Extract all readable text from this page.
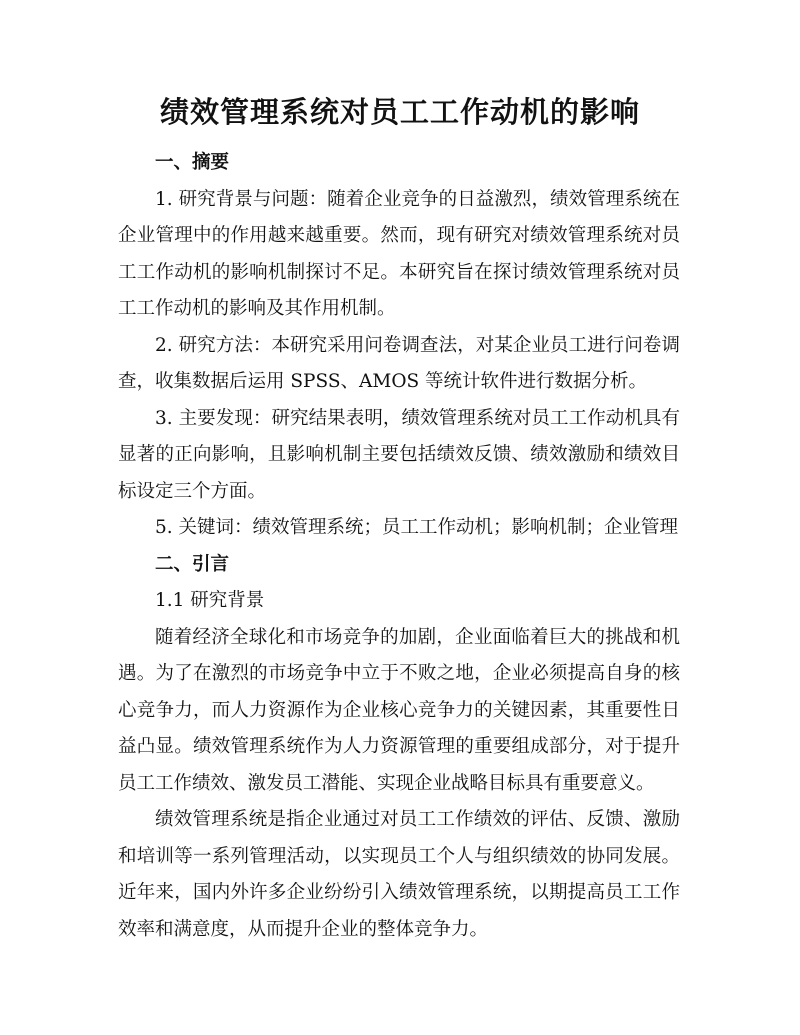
绩效管理系统对员工工作动机的影响
一、摘要

1. 研究背景与问题：随着企业竞争的日益激烈，绩效管理系统在企业管理中的作用越来越重要。然而，现有研究对绩效管理系统对员工工作动机的影响机制探讨不足。本研究旨在探讨绩效管理系统对员工工作动机的影响及其作用机制。

2. 研究方法：本研究采用问卷调查法，对某企业员工进行问卷调查，收集数据后运用 SPSS、AMOS 等统计软件进行数据分析。

3. 主要发现：研究结果表明，绩效管理系统对员工工作动机具有显著的正向影响，且影响机制主要包括绩效反馈、绩效激励和绩效目标设定三个方面。

5. 关键词：绩效管理系统；员工工作动机；影响机制；企业管理

二、引言
1.1 研究背景

随着经济全球化和市场竞争的加剧，企业面临着巨大的挑战和机遇。为了在激烈的市场竞争中立于不败之地，企业必须提高自身的核心竞争力，而人力资源作为企业核心竞争力的关键因素，其重要性日益凸显。绩效管理系统作为人力资源管理的重要组成部分，对于提升员工工作绩效、激发员工潜能、实现企业战略目标具有重要意义。

绩效管理系统是指企业通过对员工工作绩效的评估、反馈、激励和培训等一系列管理活动，以实现员工个人与组织绩效的协同发展。近年来，国内外许多企业纷纷引入绩效管理系统，以期提高员工工作效率和满意度，从而提升企业的整体竞争力。
